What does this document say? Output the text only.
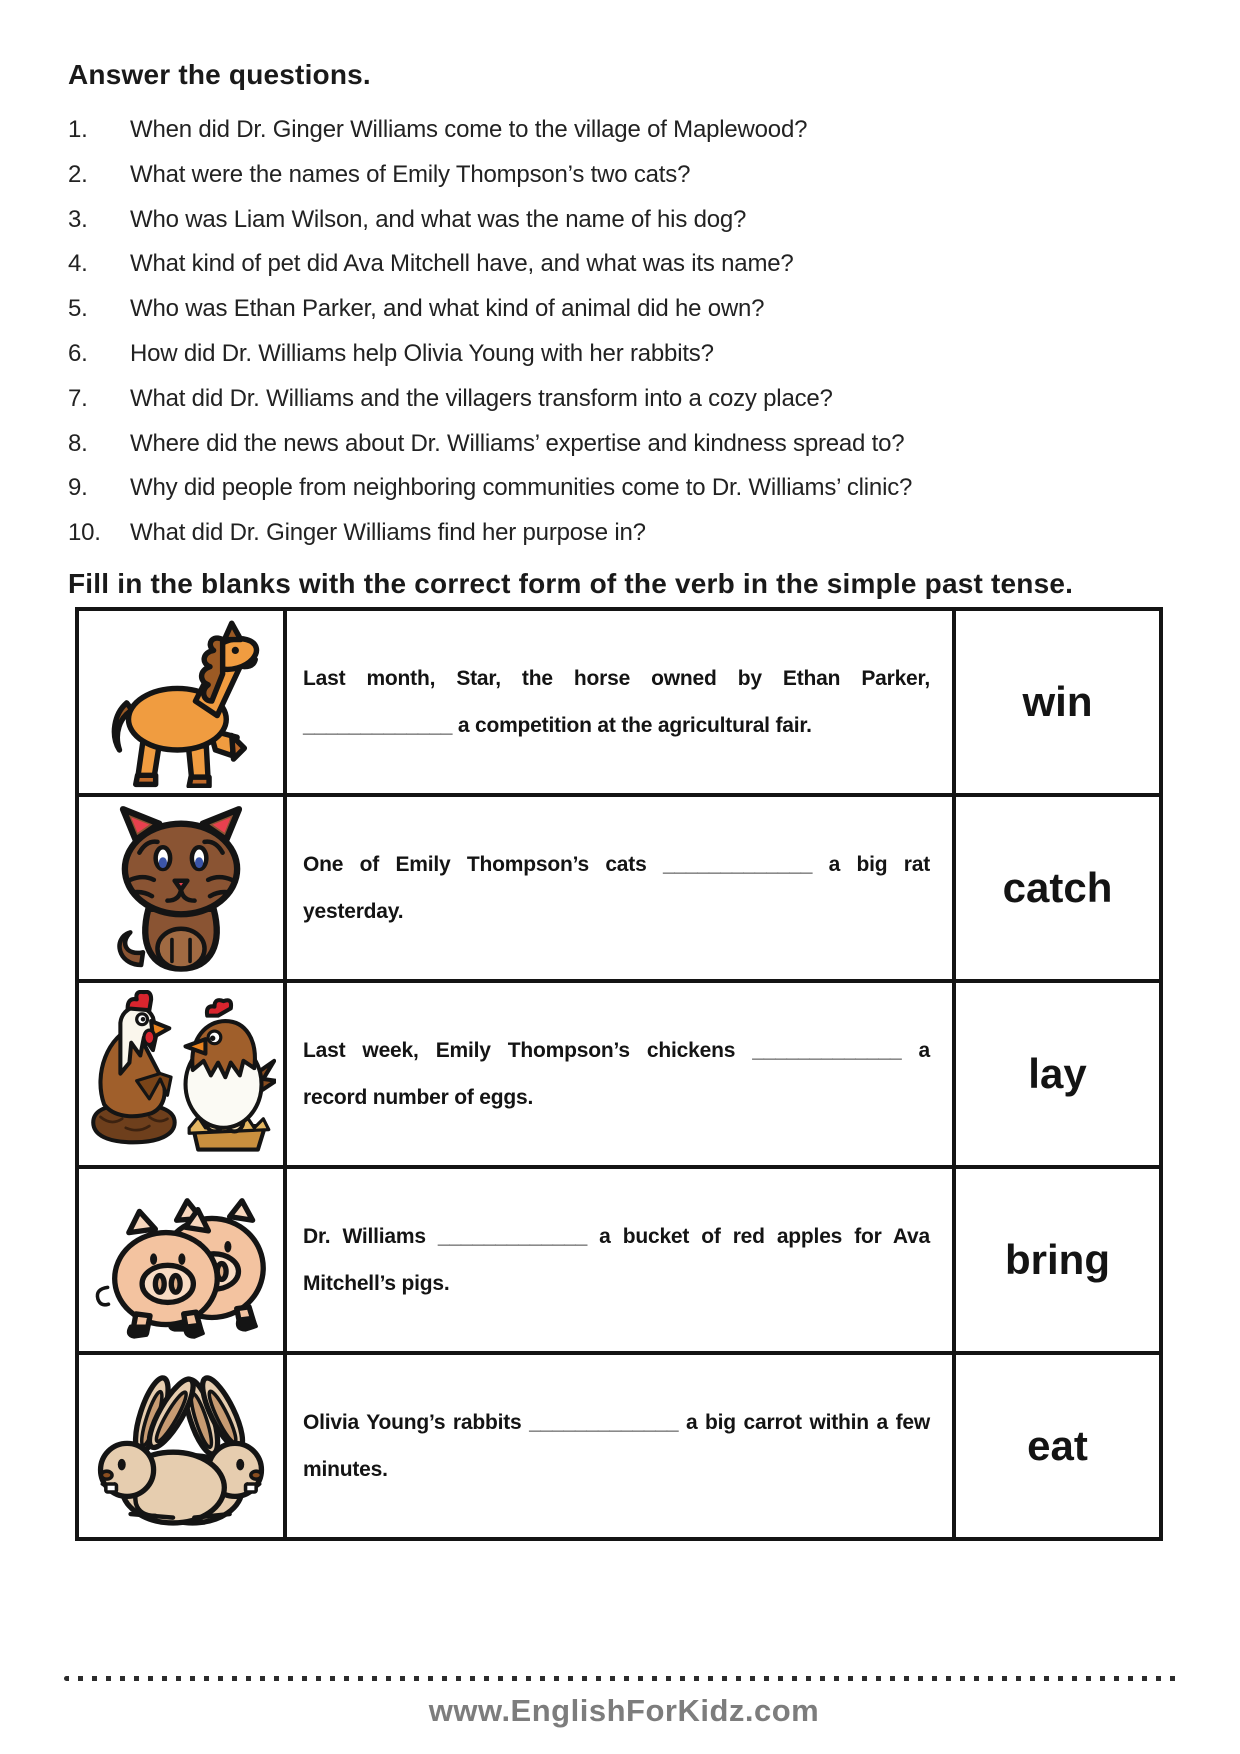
Answer the questions.
1.	When did Dr. Ginger Williams come to the village of Maplewood?
2.	What were the names of Emily Thompson’s two cats?
3.	Who was Liam Wilson, and what was the name of his dog?
4.	What kind of pet did Ava Mitchell have, and what was its name?
5.	Who was Ethan Parker, and what kind of animal did he own?
6.	How did Dr. Williams help Olivia Young with her rabbits?
7.	What did Dr. Williams and the villagers transform into a cozy place?
8.	Where did the news about Dr. Williams’ expertise and kindness spread to?
9.	Why did people from neighboring communities come to Dr. Williams’ clinic?
10.	What did Dr. Ginger Williams find her purpose in?
Fill in the blanks with the correct form of the verb in the simple past tense.

Last month, Star, the horse owned by Ethan Parker, _____________ a competition at the agricultural fair.	win

One of Emily Thompson’s cats _____________ a big rat yesterday.	catch

Last week, Emily Thompson’s chickens _____________ a record number of eggs.	lay

Dr. Williams _____________ a bucket of red apples for Ava Mitchell’s pigs.	bring

Olivia Young’s rabbits _____________ a big carrot within a few minutes.	eat
www.EnglishForKidz.com
